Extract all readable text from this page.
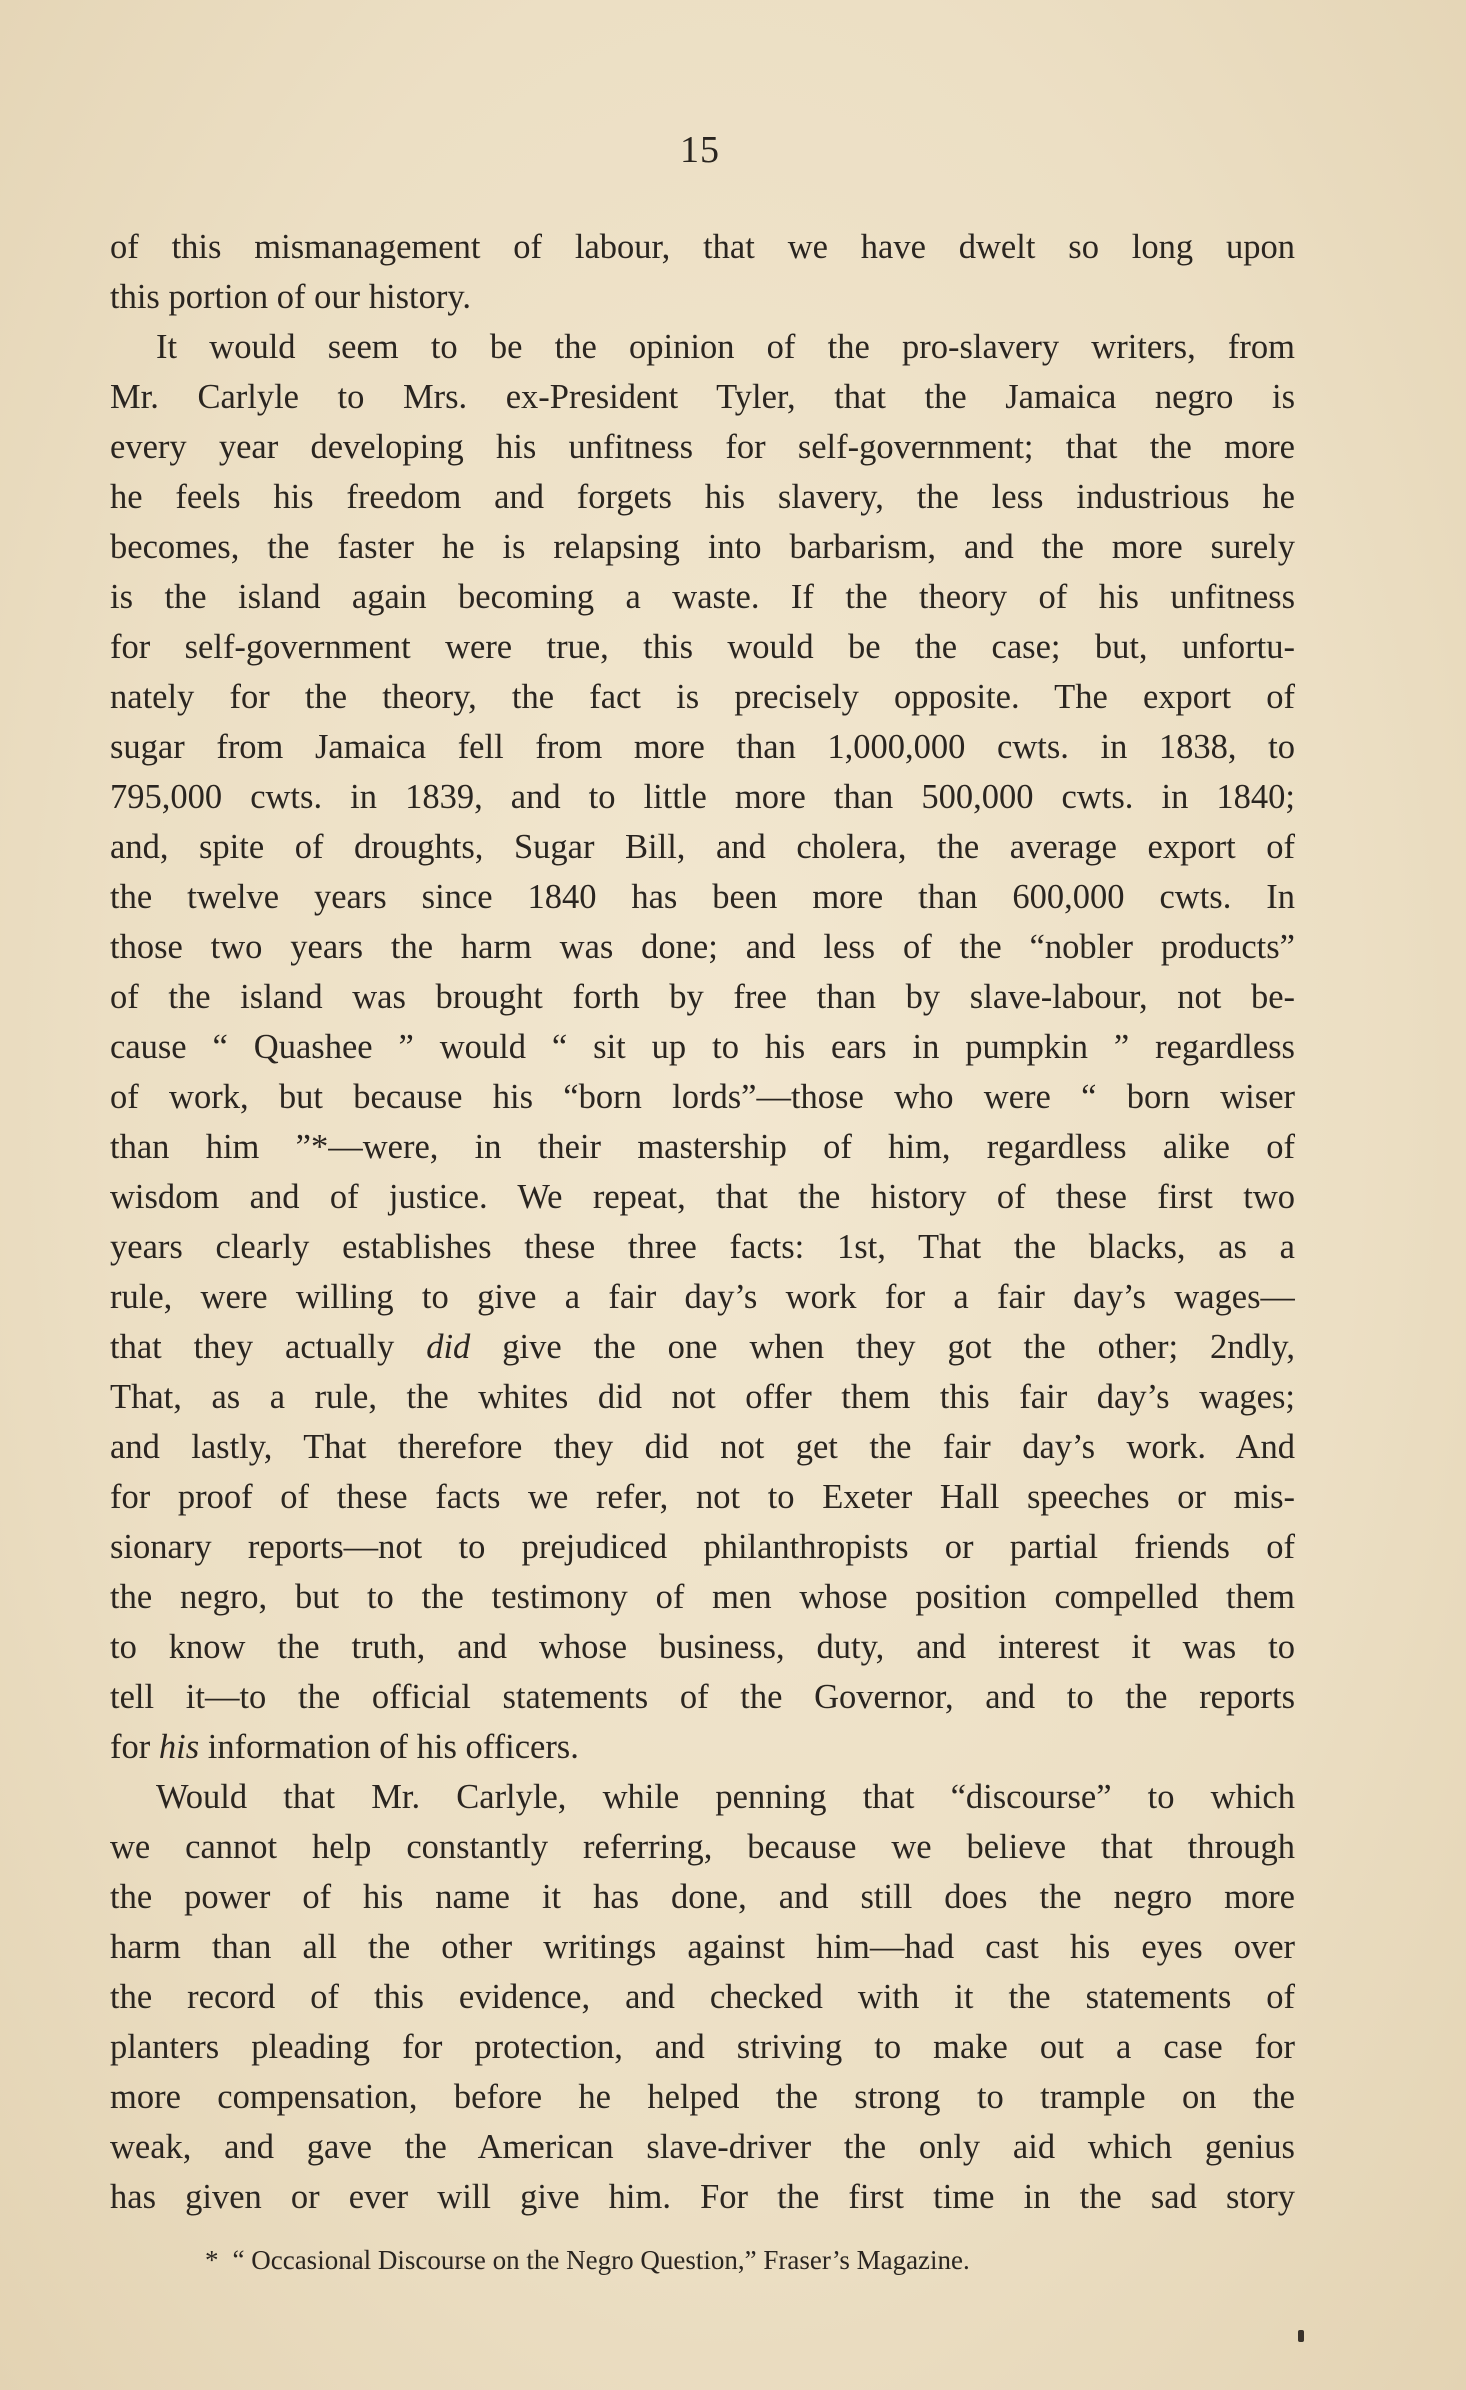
15
of this mismanagement of labour, that we have dwelt so long upon
this portion of our history.
It would seem to be the opinion of the pro-slavery writers, from
Mr. Carlyle to Mrs. ex-President Tyler, that the Jamaica negro is
every year developing his unfitness for self-government; that the more
he feels his freedom and forgets his slavery, the less industrious he
becomes, the faster he is relapsing into barbarism, and the more surely
is the island again becoming a waste. If the theory of his unfitness
for self-government were true, this would be the case; but, unfortu-
nately for the theory, the fact is precisely opposite. The export of
sugar from Jamaica fell from more than 1,000,000 cwts. in 1838, to
795,000 cwts. in 1839, and to little more than 500,000 cwts. in 1840;
and, spite of droughts, Sugar Bill, and cholera, the average export of
the twelve years since 1840 has been more than 600,000 cwts. In
those two years the harm was done; and less of the “nobler products”
of the island was brought forth by free than by slave-labour, not be-
cause “ Quashee ” would “ sit up to his ears in pumpkin ” regardless
of work, but because his “born lords”—those who were “ born wiser
than him ”*—were, in their mastership of him, regardless alike of
wisdom and of justice. We repeat, that the history of these first two
years clearly establishes these three facts: 1st, That the blacks, as a
rule, were willing to give a fair day’s work for a fair day’s wages—
that they actually did give the one when they got the other; 2ndly,
That, as a rule, the whites did not offer them this fair day’s wages;
and lastly, That therefore they did not get the fair day’s work. And
for proof of these facts we refer, not to Exeter Hall speeches or mis-
sionary reports—not to prejudiced philanthropists or partial friends of
the negro, but to the testimony of men whose position compelled them
to know the truth, and whose business, duty, and interest it was to
tell it—to the official statements of the Governor, and to the reports
for his information of his officers.
Would that Mr. Carlyle, while penning that “discourse” to which
we cannot help constantly referring, because we believe that through
the power of his name it has done, and still does the negro more
harm than all the other writings against him—had cast his eyes over
the record of this evidence, and checked with it the statements of
planters pleading for protection, and striving to make out a case for
more compensation, before he helped the strong to trample on the
weak, and gave the American slave-driver the only aid which genius
has given or ever will give him. For the first time in the sad story
* “ Occasional Discourse on the Negro Question,” Fraser’s Magazine.
